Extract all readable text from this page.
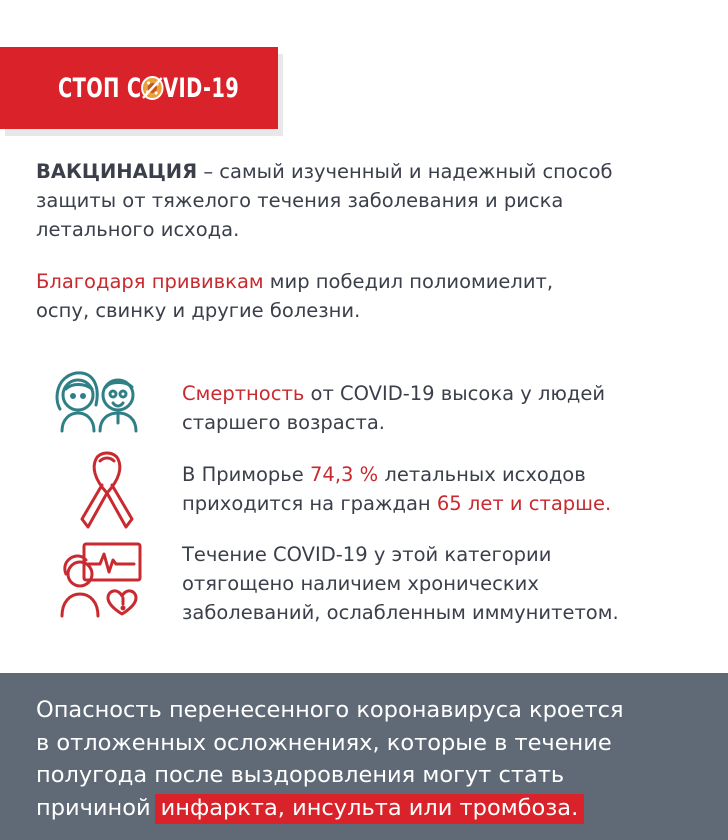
СТОП C VID-19
ВАКЦИНАЦИЯ – самый изученный и надежный способ
защиты от тяжелого течения заболевания и риска
летального исхода.
Благодаря прививкам мир победил полиомиелит,
оспу, свинку и другие болезни.
Смертность от COVID-19 высока у людей
старшего возраста.
В Приморье 74,3 % летальных исходов
приходится на граждан 65 лет и старше.
Течение COVID-19 у этой категории
отягощено наличием хронических
заболеваний, ослабленным иммунитетом.
Опасность перенесенного коронавируса кроется
в отложенных осложнениях, которые в течение
полугода после выздоровления могут стать
причиной инфаркта, инсульта или тромбоза.
